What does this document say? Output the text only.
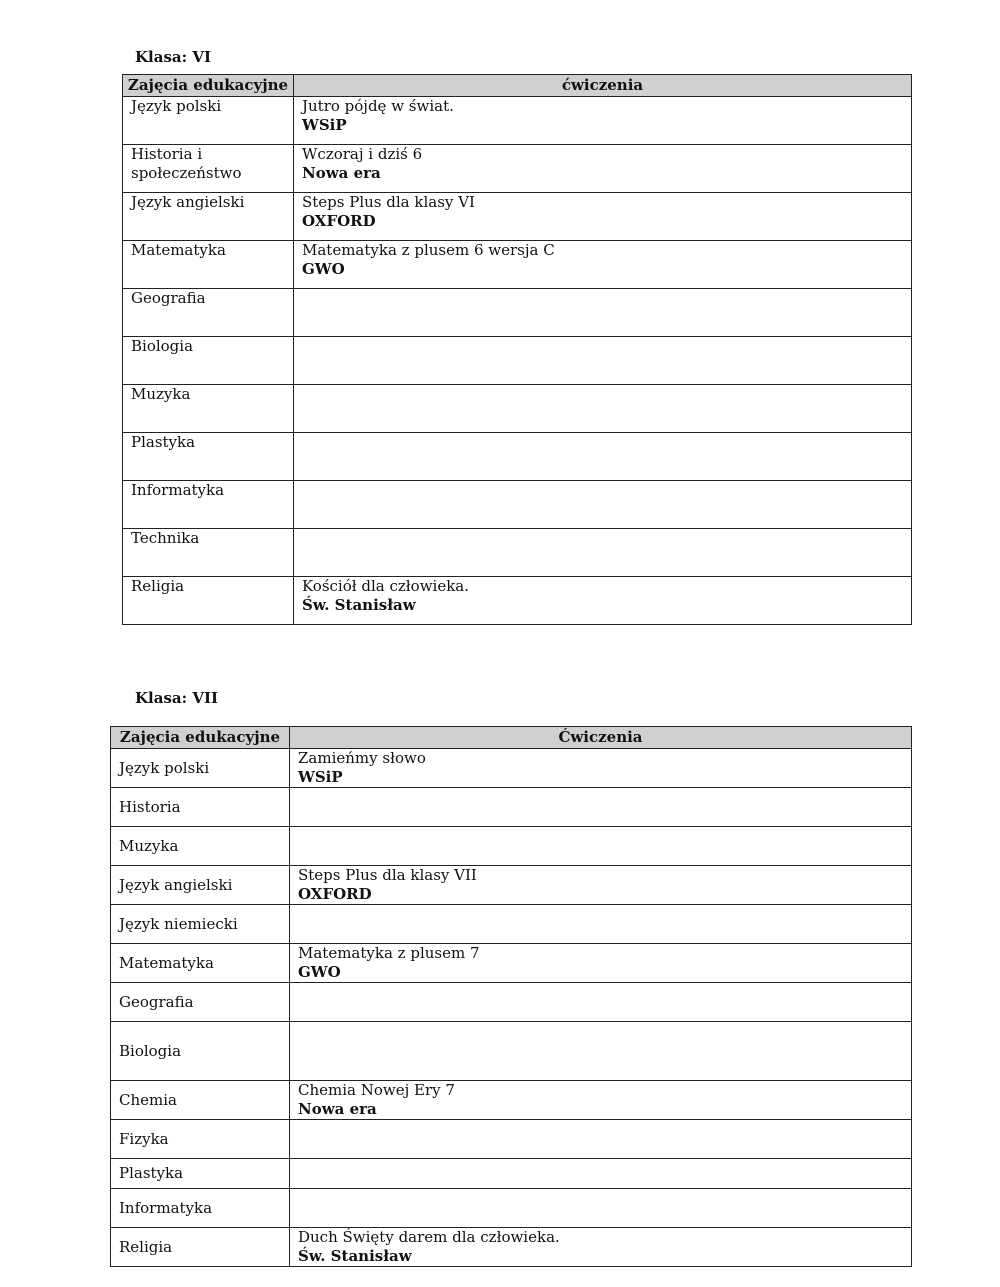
Klasa: VI
Zajęcia edukacyjne	ćwiczenia
Język polski	Jutro pójdę w świat.
WSiP

Historia i społeczeństwo	Wczoraj i dziś 6
Nowa era

Język angielski	Steps Plus dla klasy VI
OXFORD

Matematyka	Matematyka z plusem 6 wersja C
GWO

Geografia	

Biologia	

Muzyka	

Plastyka	

Informatyka	

Technika	

Religia	Kościół dla człowieka.
Św. Stanisław
Klasa: VII
Zajęcia edukacyjne	Ćwiczenia
Język polski	Zamieńmy słowo
WSiP

Historia	

Muzyka	

Język angielski	Steps Plus dla klasy VII
OXFORD

Język niemiecki	

Matematyka	Matematyka z plusem 7
GWO

Geografia	

Biologia	

Chemia	Chemia Nowej Ery 7
Nowa era

Fizyka	

Plastyka	

Informatyka	

Religia	Duch Święty darem dla człowieka.
Św. Stanisław
